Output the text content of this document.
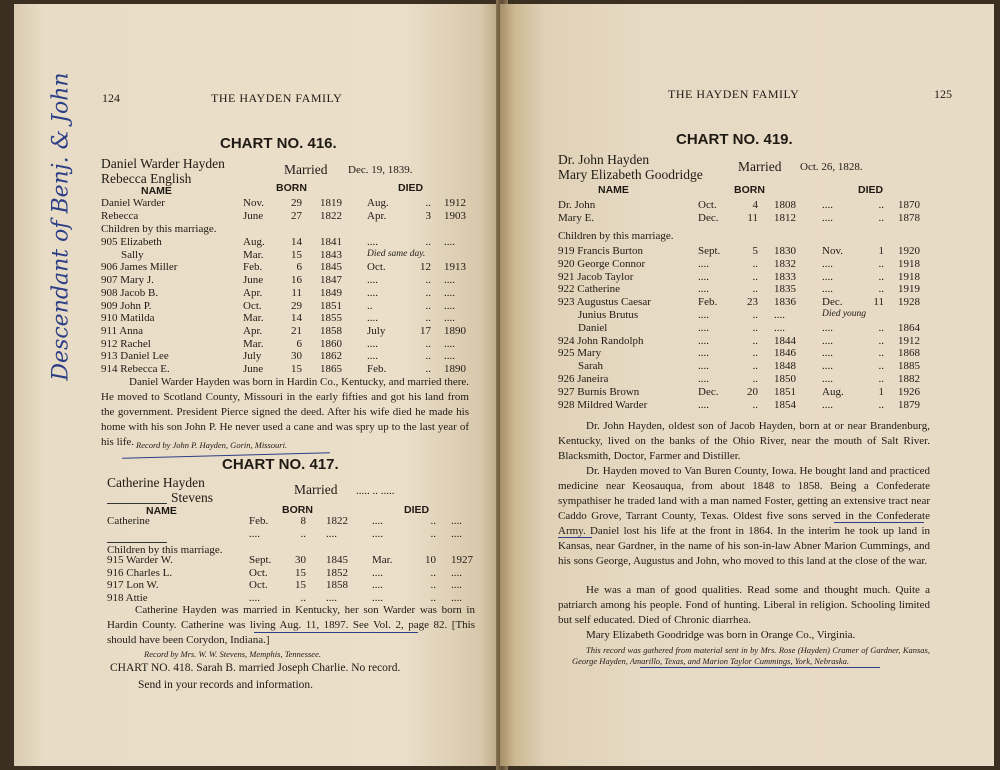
Descendant of Benj. & John 124	THE HAYDEN FAMILY
CHART NO. 416.
Daniel Warder Hayden
Rebecca English
Married Dec. 19, 1839.
NAME	BORN	DIED
Daniel Warder	Nov.	29 1819 Aug.	.. 1912
Rebecca	June	27 1822 Apr.	3 1903
Children by this marriage.
905 Elizabeth	Aug.	14 1841 ....	.. ....
Sally	Mar.	15 1843	Died same day.
906 James Miller	Feb.	6 1845 Oct.	12 1913
907 Mary J.	June	16 1847 ....	.. ....
908 Jacob B.	Apr.	11 1849 ....	.. ....
909 John P.	Oct.	29 1851 ..	.. ....
910 Matilda	Mar.	14 1855 ....	.. ....
911 Anna	Apr.	21 1858 July	17 1890
912 Rachel	Mar.	6 1860 ....	.. ....
913 Daniel Lee	July	30 1862 ....	.. ....
914 Rebecca E.	June	15 1865 Feb.	.. 1890
Daniel Warder Hayden was born in Hardin Co., Kentucky, and married there. He moved to Scotland County, Missouri in the early fifties and got his land from the government. President Pierce signed the deed. After his wife died he made his home with his son John P. He never used a cane and was spry up to the last year of his life. Record by John P. Hayden, Gorin, Missouri.
CHART NO. 417.
Catherine Hayden	Married ..... .. .....
Stevens
NAME	BORN	DIED
Catherine	Feb.	8 1822 ....	.. ....
....	.. ....	....	.. ....
Children by this marriage.
915 Warder W.	Sept.	30 1845 Mar.	10 1927
916 Charles L.	Oct.	15 1852 ....	.. ....
917 Lon W.	Oct.	15 1858 ....	.. ....
918 Attie	....	.. ....	....	.. ....
Catherine Hayden was married in Kentucky, her son Warder was born in Hardin County. Catherine was living Aug. 11, 1897. See Vol. 2, page 82. [This should have been Corydon, Indiana.]
Record by Mrs. W. W. Stevens, Memphis, Tennessee.
CHART NO. 418. Sarah B. married Joseph Charlie. No record.
Send in your records and information.
THE HAYDEN FAMILY	125
CHART NO. 419.
Dr. John Hayden
Mary Elizabeth Goodridge
Married Oct. 26, 1828.
NAME	BORN	DIED
Dr. John	Oct.	4 1808 ....	.. 1870
Mary E.	Dec.	11 1812 ....	.. 1878
Children by this marriage.
919 Francis Burton	Sept.	5 1830 Nov.	1 1920
920 George Connor	....	.. 1832 ....	.. 1918
921 Jacob Taylor	....	.. 1833 ....	.. 1918
922 Catherine	....	.. 1835 ....	.. 1919
923 Augustus Caesar	Feb.	23 1836 Dec.	11 1928
Junius Brutus	....	.. ....	Died young
Daniel	....	.. ....	....	.. 1864
924 John Randolph	....	.. 1844 ....	.. 1912
925 Mary	....	.. 1846 ....	.. 1868
Sarah	....	.. 1848 ....	.. 1885
926 Janeira	....	.. 1850 ....	.. 1882
927 Burnis Brown	Dec.	20 1851 Aug.	1 1926
928 Mildred Warder	....	.. 1854 ....	.. 1879
Dr. John Hayden, oldest son of Jacob Hayden, born at or near Brandenburg, Kentucky, lived on the banks of the Ohio River, near the mouth of Salt River. Blacksmith, Doctor, Farmer and Distiller.
Dr. Hayden moved to Van Buren County, Iowa. He bought land and practiced medicine near Keosauqua, from about 1848 to 1858. Being a Confederate sympathiser he traded land with a man named Foster, getting an extensive tract near Caddo Grove, Tarrant County, Texas. Oldest five sons served in the Confederate Army. Daniel lost his life at the front in 1864. In the interim he took up land in Kansas, near Gardner, in the name of his son-in-law Abner Marion Cummings, and his sons George, Augustus and John, who moved to this land at the close of the war.
He was a man of good qualities. Read some and thought much. Quite a patriarch among his people. Fond of hunting. Liberal in religion. Schooling limited but self educated. Died of Chronic diarrhea.
Mary Elizabeth Goodridge was born in Orange Co., Virginia.
This record was gathered from material sent in by Mrs. Rose (Hayden) Cramer of Gardner, Kansas, George Hayden, Amarillo, Texas, and Marion Taylor Cummings, York, Nebraska.
